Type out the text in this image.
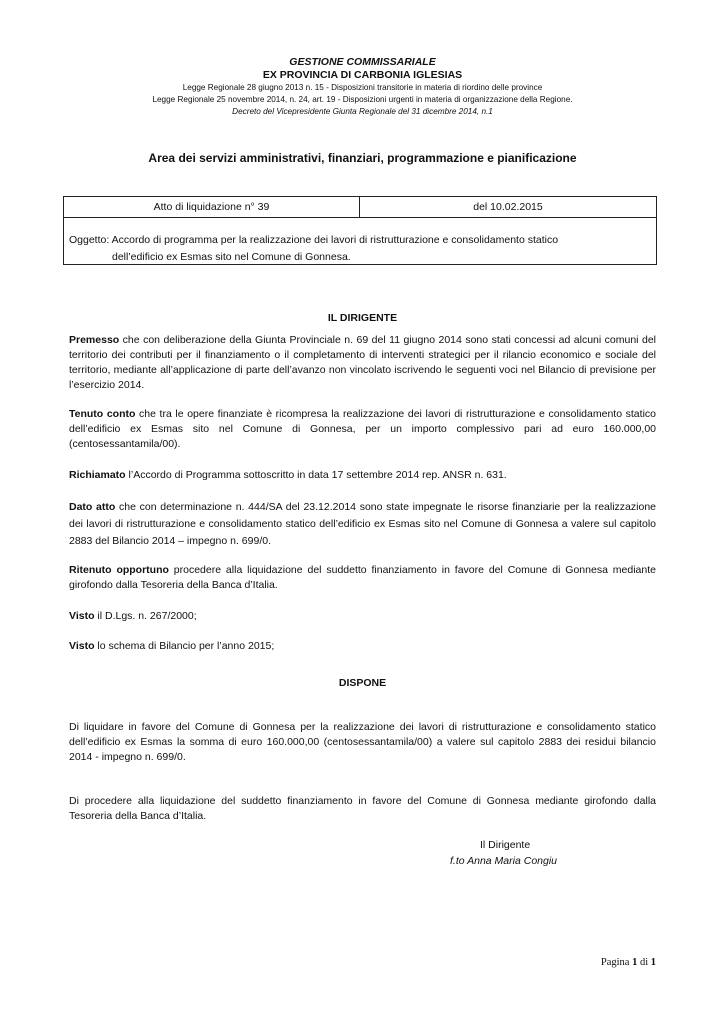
GESTIONE COMMISSARIALE
EX PROVINCIA DI CARBONIA IGLESIAS
Legge Regionale 28 giugno 2013 n. 15 - Disposizioni transitorie in materia di riordino delle province
Legge Regionale 25 novembre 2014, n. 24, art. 19 - Disposizioni urgenti in materia di organizzazione della Regione.
Decreto del Vicepresidente Giunta Regionale del 31 dicembre 2014, n.1
Area dei servizi amministrativi, finanziari, programmazione e pianificazione
Atto di liquidazione n° 39	del 10.02.2015
Oggetto: Accordo di programma per la realizzazione dei lavori di ristrutturazione e consolidamento statico
dell’edificio ex Esmas sito nel Comune di Gonnesa.
IL DIRIGENTE
Premesso che con deliberazione della Giunta Provinciale n. 69 del 11 giugno 2014 sono stati concessi ad alcuni comuni del territorio dei contributi per il finanziamento o il completamento di interventi strategici per il rilancio economico e sociale del territorio, mediante all’applicazione di parte dell’avanzo non vincolato iscrivendo le seguenti voci nel Bilancio di previsione per l’esercizio 2014.
Tenuto conto che tra le opere finanziate è ricompresa la realizzazione dei lavori di ristrutturazione e consolidamento statico dell’edificio ex Esmas sito nel Comune di Gonnesa, per un importo complessivo pari ad euro 160.000,00 (centosessantamila/00).
Richiamato l’Accordo di Programma sottoscritto in data 17 settembre 2014 rep. ANSR n. 631.
Dato atto che con determinazione n. 444/SA del 23.12.2014 sono state impegnate le risorse finanziarie per la realizzazione dei lavori di ristrutturazione e consolidamento statico dell’edificio ex Esmas sito nel Comune di Gonnesa a valere sul capitolo 2883 del Bilancio 2014 – impegno n. 699/0.
Ritenuto opportuno procedere alla liquidazione del suddetto finanziamento in favore del Comune di Gonnesa mediante girofondo dalla Tesoreria della Banca d’Italia.
Visto il D.Lgs. n. 267/2000;
Visto lo schema di Bilancio per l’anno 2015;
DISPONE
Di liquidare in favore del Comune di Gonnesa per la realizzazione dei lavori di ristrutturazione e consolidamento statico dell’edificio ex Esmas la somma di euro 160.000,00 (centosessantamila/00) a valere sul capitolo 2883 dei residui bilancio 2014 - impegno n. 699/0.
Di procedere alla liquidazione del suddetto finanziamento in favore del Comune di Gonnesa mediante girofondo dalla Tesoreria della Banca d’Italia.
Il Dirigente
f.to Anna Maria Congiu
Pagina 1 di 1
